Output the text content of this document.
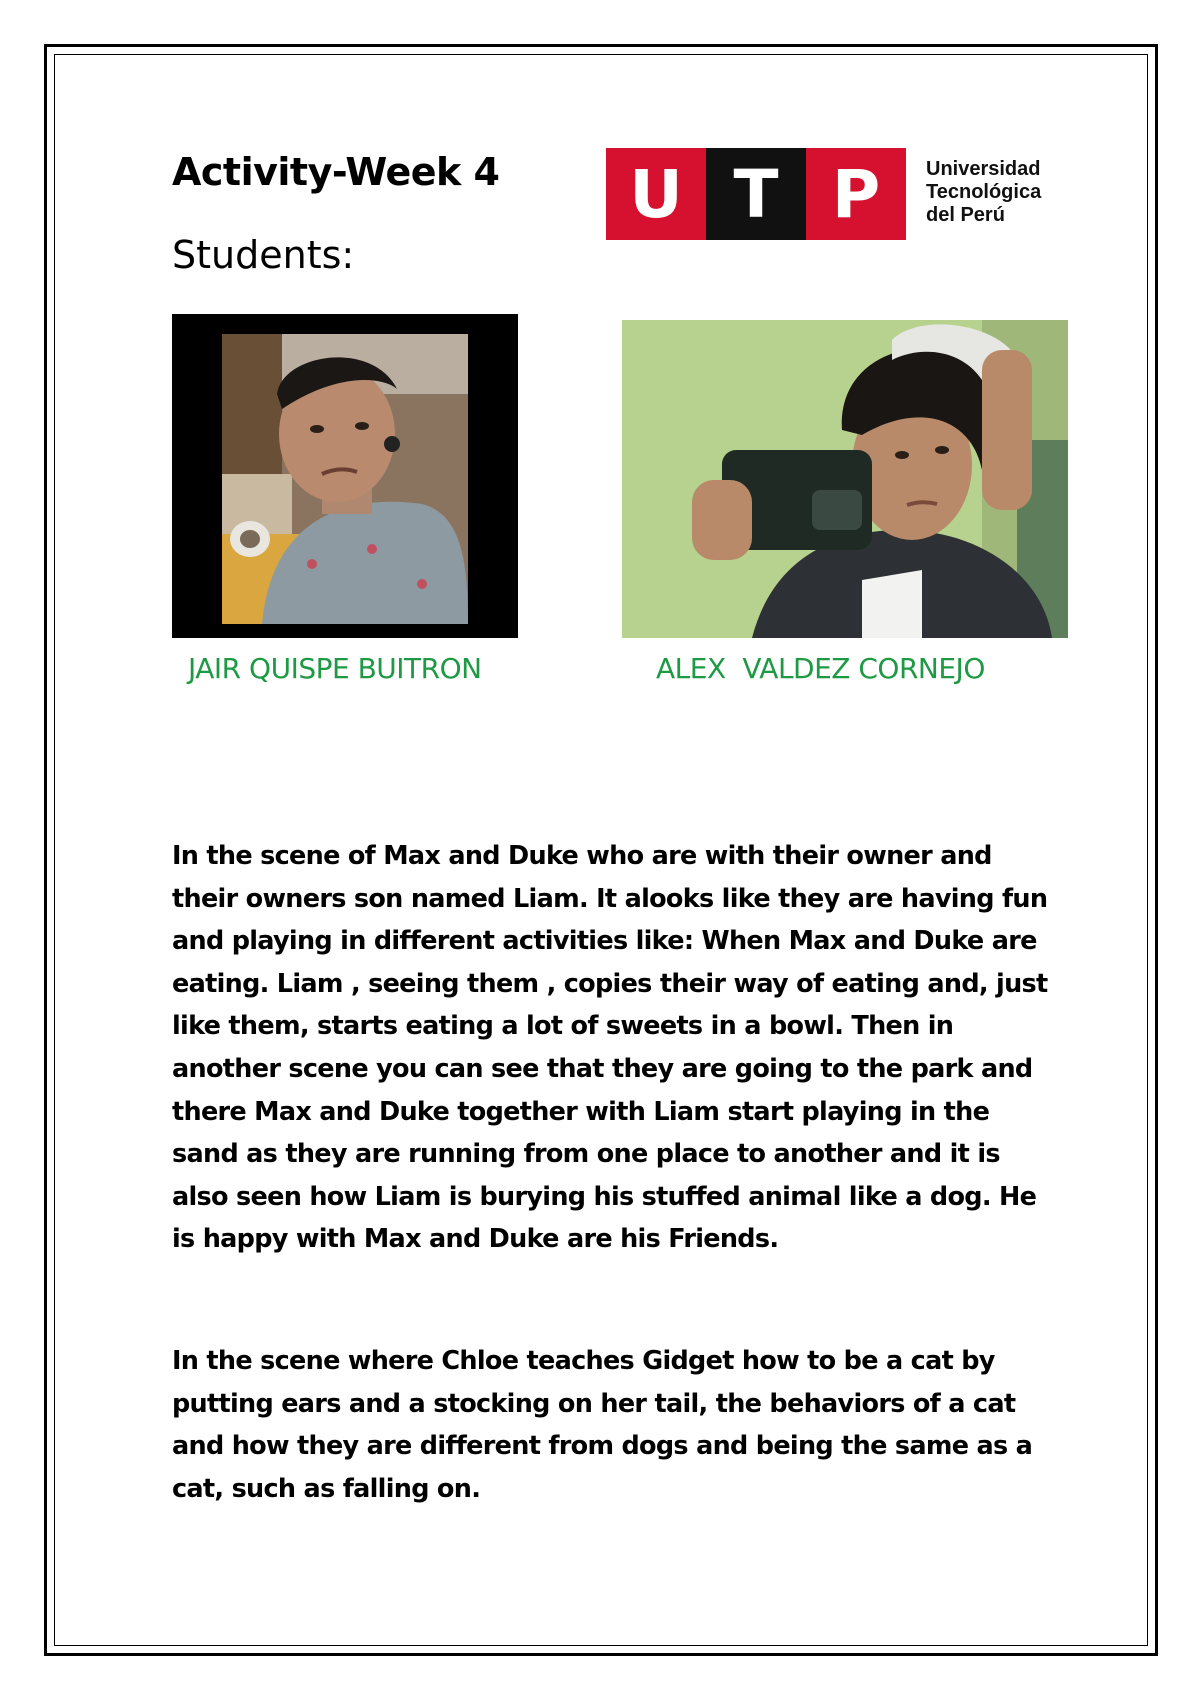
Activity-Week 4
Students:
U T P	Universidad
Tecnológica
del Perú
JAIR QUISPE BUITRON	ALEX  VALDEZ CORNEJO

In the scene of Max and Duke who are with their owner and their owners son named Liam. It alooks like they are having fun and playing in different activities like: When Max and Duke are eating. Liam , seeing them , copies their way of eating and, just like them, starts eating a lot of sweets in a bowl. Then in another scene you can see that they are going to the park and there Max and Duke together with Liam start playing in the sand as they are running from one place to another and it is also seen how Liam is burying his stuffed animal like a dog. He is happy with Max and Duke are his Friends.

In the scene where Chloe teaches Gidget how to be a cat by putting ears and a stocking on her tail, the behaviors of a cat and how they are different from dogs and being the same as a cat, such as falling on.
